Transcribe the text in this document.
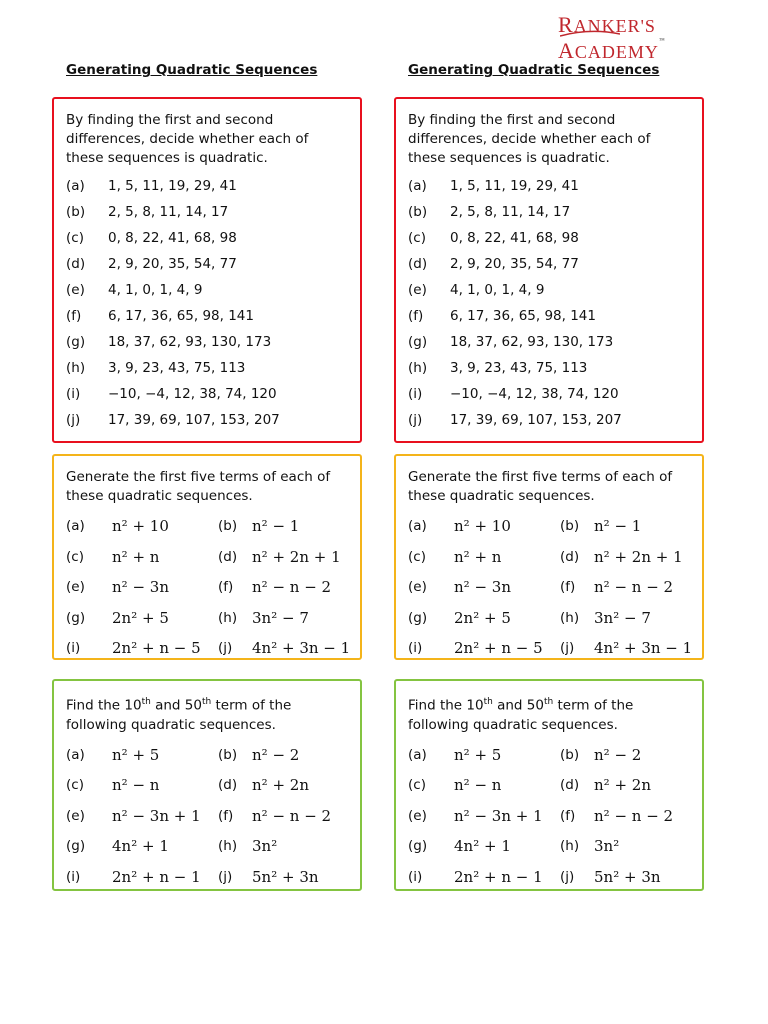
RANKER'S ACADEMY™
Generating Quadratic Sequences
By finding the first and second differences, decide whether each of these sequences is quadratic.
(a)	1, 5, 11, 19, 29, 41
(b)	2, 5, 8, 11, 14, 17
(c)	0, 8, 22, 41, 68, 98
(d)	2, 9, 20, 35, 54, 77
(e)	4, 1, 0, 1, 4, 9
(f)	6, 17, 36, 65, 98, 141
(g)	18, 37, 62, 93, 130, 173
(h)	3, 9, 23, 43, 75, 113
(i)	−10, −4, 12, 38, 74, 120
(j)	17, 39, 69, 107, 153, 207
Generate the first five terms of each of these quadratic sequences.
(a)	n² + 10	(b) n² − 1
(c)	n² + n	(d) n² + 2n + 1
(e)	n² − 3n	(f)	n² − n − 2
(g)	2n² + 5	(h) 3n² − 7
(i)	2n² + n − 5 (j)	4n² + 3n − 1
Find the 10th and 50th term of the following quadratic sequences.
(a)	n² + 5	(b) n² − 2
(c)	n² − n	(d) n² + 2n
(e)	n² − 3n + 1 (f)	n² − n − 2
(g)	4n² + 1	(h) 3n²
(i)	2n² + n − 1 (j)	5n² + 3n
Generating Quadratic Sequences
By finding the first and second differences, decide whether each of these sequences is quadratic.
(a)	1, 5, 11, 19, 29, 41
(b)	2, 5, 8, 11, 14, 17
(c)	0, 8, 22, 41, 68, 98
(d)	2, 9, 20, 35, 54, 77
(e)	4, 1, 0, 1, 4, 9
(f)	6, 17, 36, 65, 98, 141
(g)	18, 37, 62, 93, 130, 173
(h)	3, 9, 23, 43, 75, 113
(i)	−10, −4, 12, 38, 74, 120
(j)	17, 39, 69, 107, 153, 207
Generate the first five terms of each of these quadratic sequences.
(a)	n² + 10	(b) n² − 1
(c)	n² + n	(d) n² + 2n + 1
(e)	n² − 3n	(f)	n² − n − 2
(g)	2n² + 5	(h) 3n² − 7
(i)	2n² + n − 5 (j)	4n² + 3n − 1
Find the 10th and 50th term of the following quadratic sequences.
(a)	n² + 5	(b) n² − 2
(c)	n² − n	(d) n² + 2n
(e)	n² − 3n + 1 (f)	n² − n − 2
(g)	4n² + 1	(h) 3n²
(i)	2n² + n − 1 (j)	5n² + 3n
